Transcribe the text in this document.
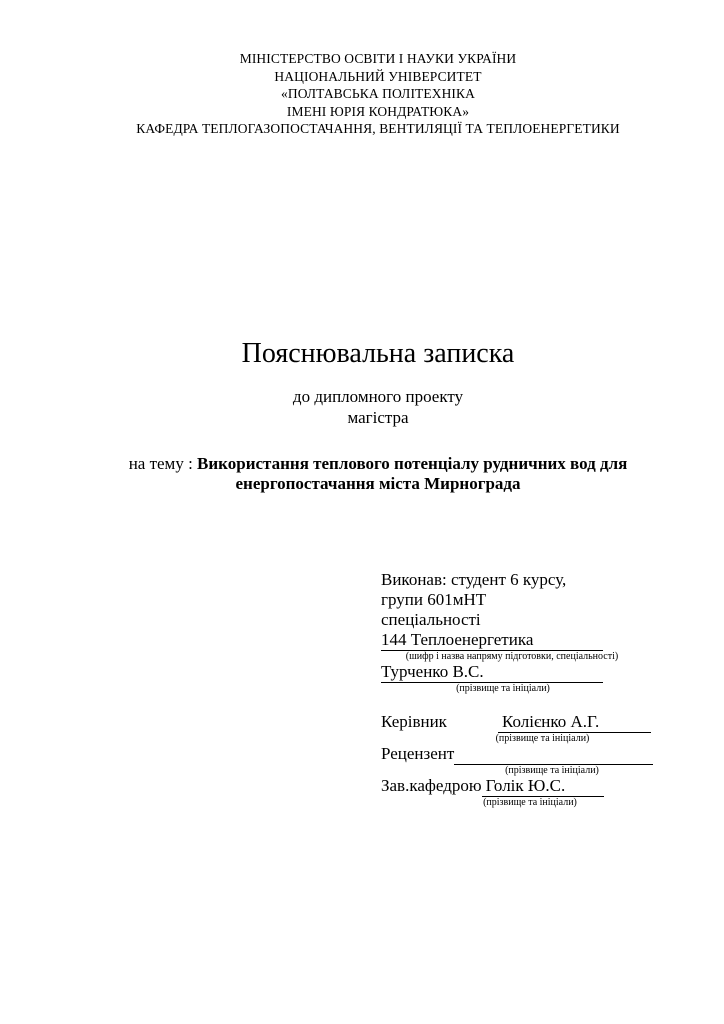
МІНІСТЕРСТВО ОСВІТИ І НАУКИ УКРАЇНИ
НАЦІОНАЛЬНИЙ УНІВЕРСИТЕТ
«ПОЛТАВСЬКА ПОЛІТЕХНІКА
ІМЕНІ ЮРІЯ КОНДРАТЮКА»
КАФЕДРА ТЕПЛОГАЗОПОСТАЧАННЯ, ВЕНТИЛЯЦІЇ ТА ТЕПЛОЕНЕРГЕТИКИ
Пояснювальна записка
до дипломного проекту
магістра
на тему : Використання теплового потенціалу рудничних вод для
енергопостачання міста Мирнограда
Виконав: студент 6 курсу,
групи 601мНТ
спеціальності
144 Теплоенергетика
(шифр і назва напряму підготовки, спеціальності)
Турченко В.С.
(прізвище та ініціали)
Керівник	Колієнко А.Г.
(прізвище та ініціали)
Рецензент
(прізвище та ініціали)
Зав.кафедрою Голік Ю.С.
(прізвище та ініціали)
